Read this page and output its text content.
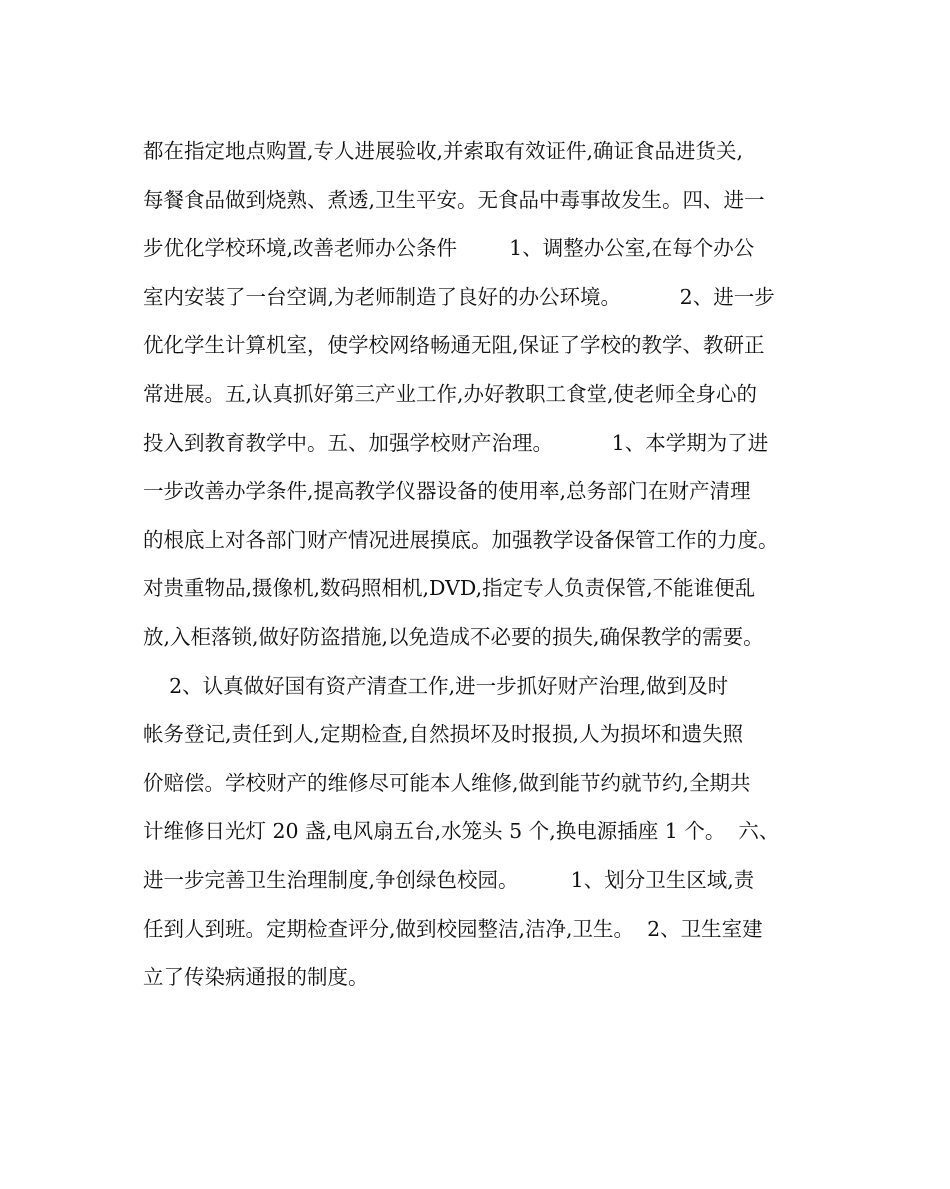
都在指定地点购置,专人进展验收,并索取有效证件,确证食品进货关,
每餐食品做到烧熟、煮透,卫生平安。无食品中毒事故发生。四、进一
步优化学校环境,改善老师办公条件        1、调整办公室,在每个办公
室内安装了一台空调,为老师制造了良好的办公环境。         2、进一步
优化学生计算机室，使学校网络畅通无阻,保证了学校的教学、教研正
常进展。五,认真抓好第三产业工作,办好教职工食堂,使老师全身心的
投入到教育教学中。五、加强学校财产治理。         1、本学期为了进
一步改善办学条件,提高教学仪器设备的使用率,总务部门在财产清理
的根底上对各部门财产情况进展摸底。加强教学设备保管工作的力度。
对贵重物品,摄像机,数码照相机,DVD,指定专人负责保管,不能谁便乱
放,入柜落锁,做好防盗措施,以免造成不必要的损失,确保教学的需要。
2、认真做好国有资产清查工作,进一步抓好财产治理,做到及时
帐务登记,责任到人,定期检查,自然损坏及时报损,人为损坏和遗失照
价赔偿。学校财产的维修尽可能本人维修,做到能节约就节约,全期共
计维修日光灯 20 盏,电风扇五台,水笼头 5 个,换电源插座 1 个。  六、
进一步完善卫生治理制度,争创绿色校园。        1、划分卫生区域,责
任到人到班。定期检查评分,做到校园整洁,洁净,卫生。  2、卫生室建
立了传染病通报的制度。
